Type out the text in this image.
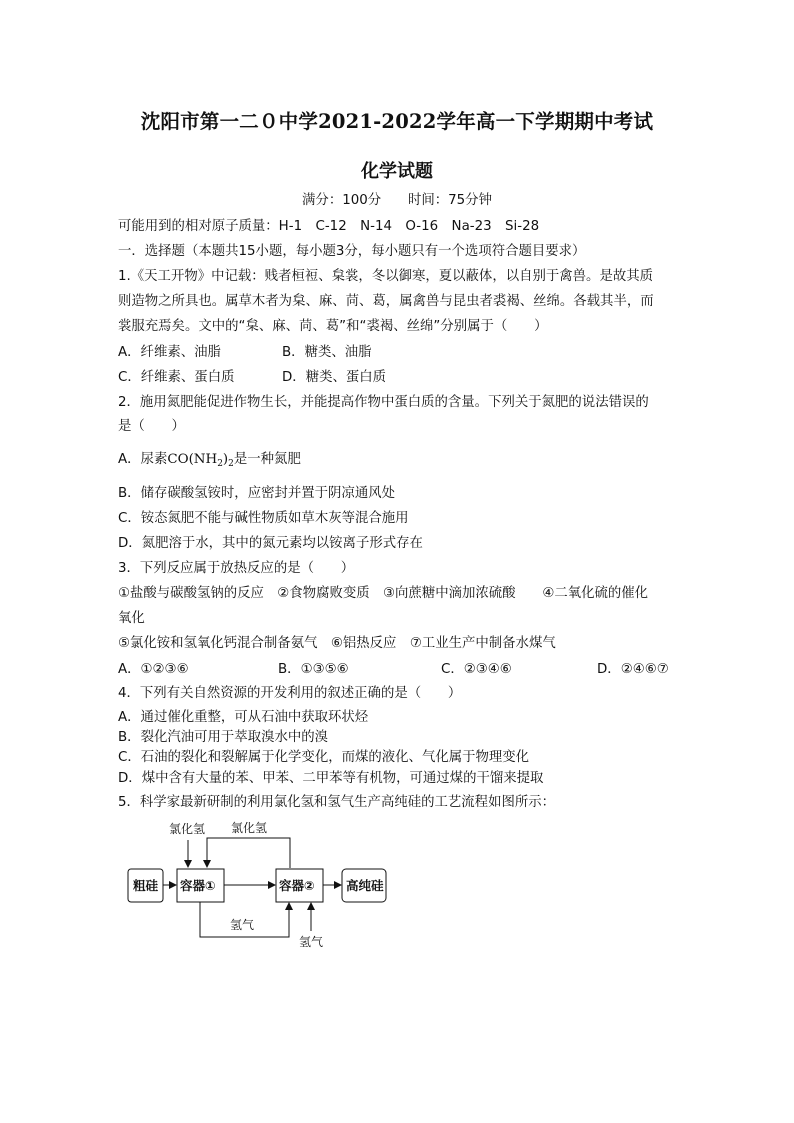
沈阳市第一二０中学2021-2022学年高一下学期期中考试
化学试题
满分：100分　　时间：75分钟
可能用到的相对原子质量：H-1　C-12　N-14　O-16　Na-23　Si-28
一．选择题（本题共15小题，每小题3分，每小题只有一个选项符合题目要求）
1.《天工开物》中记载：贱者桓裋、枲裳，冬以御寒，夏以蔽体，以自别于禽兽。是故其质
则造物之所具也。属草木者为枲、麻、苘、葛，属禽兽与昆虫者裘褐、丝绵。各载其半，而
裳服充焉矣。文中的“枲、麻、苘、葛”和“裘褐、丝绵”分别属于（　　）
A．纤维素、油脂	B．糖类、油脂
C．纤维素、蛋白质	D．糖类、蛋白质
2．施用氮肥能促进作物生长，并能提高作物中蛋白质的含量。下列关于氮肥的说法错误的
是（　　）
A．尿素$CO(NH_2)_2$是一种氮肥
B．储存碳酸氢铵时，应密封并置于阴凉通风处
C．铵态氮肥不能与碱性物质如草木灰等混合施用
D．氮肥溶于水，其中的氮元素均以铵离子形式存在
3．下列反应属于放热反应的是（　　）
①盐酸与碳酸氢钠的反应　②食物腐败变质　③向蔗糖中滴加浓硫酸　　④二氧化硫的催化
氧化
⑤氯化铵和氢氧化钙混合制备氨气　⑥铝热反应　⑦工业生产中制备水煤气
A．①②③⑥	B．①③⑤⑥	C．②③④⑥	D．②④⑥⑦
4．下列有关自然资源的开发利用的叙述正确的是（　　）
A．通过催化重整，可从石油中获取环状烃
B．裂化汽油可用于萃取溴水中的溴
C．石油的裂化和裂解属于化学变化，而煤的液化、气化属于物理变化
D．煤中含有大量的苯、甲苯、二甲苯等有机物，可通过煤的干馏来提取
5．科学家最新研制的利用氯化氢和氢气生产高纯硅的工艺流程如图所示：
氯化氢 氯化氢
粗硅 容器①	容器②	高纯硅
氢气
氢气
